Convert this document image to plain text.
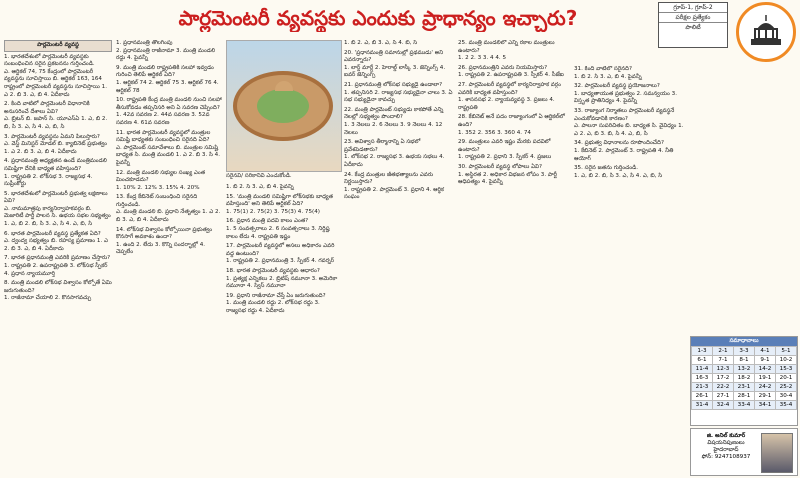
పార్లమెంటరీ వ్యవస్థకు ఎందుకు ప్రాధాన్యం ఇచ్చారు?	గ్రూప్-1, గ్రూప్-2
పరీక్షల ప్రత్యేకం
పాలిటీ
పార్లమెంటరీ వ్యవస్థ
1. భారతదేశంలో పార్లమెంటరీ వ్యవస్థకు సంబంధించిన సరైన ప్రకటనను గుర్తించండి.
ఎ. ఆర్టికల్ 74, 75 కేంద్రంలో పార్లమెంటరీ వ్యవస్థను సూచిస్తాయి బి. ఆర్టికల్ 163, 164 రాష్ట్రంలో పార్లమెంటరీ వ్యవస్థను సూచిస్తాయి 1. ఎ 2. బి 3. ఎ, బి 4. ఏదీకాదు
2. కింది వాటిలో పార్లమెంటరీ విధానానికి అనుసరించే దేశాలు ఏవి?
ఎ. బ్రిటన్ బి. జపాన్ సి. యూఎస్ఏ 1. ఎ, బి 2. బి, సి 3. ఎ, సి 4. ఎ, బి, సి
3. పార్లమెంటరీ వ్యవస్థను ఏమని పిలుస్తారు?
ఎ. వెస్ట్ మినిస్టర్ మోడల్ బి. క్యాబినెట్ ప్రభుత్వం 1. ఎ 2. బి 3. ఎ, బి 4. ఏదీకాదు
4. ప్రధానమంత్రి అధ్యక్షతన ఉండే మంత్రిమండలి సమిష్టిగా దేనికి బాధ్యత వహిస్తుంది?
1. రాష్ట్రపతి 2. లోక్‌సభ 3. రాజ్యసభ 4. సుప్రీంకోర్టు
5. భారతదేశంలో పార్లమెంటరీ ప్రభుత్వ లక్షణాలు ఏవి?
ఎ. నామమాత్రపు కార్యనిర్వాహకవర్గం బి. మెజారిటీ పార్టీ పాలన సి. ఉభయ సభల సభ్యత్వం 1. ఎ, బి 2. బి, సి 3. ఎ, సి 4. ఎ, బి, సి
6. భారత పార్లమెంటరీ వ్యవస్థ ప్రత్యేకత ఏది?
ఎ. ద్వంద్వ సభ్యత్వం బి. రహస్య ప్రమాణం 1. ఎ 2. బి 3. ఎ, బి 4. ఏదీకాదు
7. భారత ప్రధానమంత్రి ఎవరికి ప్రమాణం చేస్తారు?
1. రాష్ట్రపతి 2. ఉపరాష్ట్రపతి 3. లోక్‌సభ స్పీకర్ 4. ప్రధాన న్యాయమూర్తి
8. మంత్రి మండలి లోక్‌సభ విశ్వాసం కోల్పోతే ఏమి జరుగుతుంది?
1. రాజీనామా చేయాలి 2. కొనసాగవచ్చు
1. ప్రధానమంత్రి తొలగింపు
2. ప్రధానమంత్రి రాజీనామా 3. మంత్రి మండలి రద్దు 4. పైవన్నీ
9. మంత్రి మండలి రాష్ట్రపతికి సలహా ఇవ్వడం గురించి తెలిపే ఆర్టికల్ ఏది?
1. ఆర్టికల్ 74 2. ఆర్టికల్ 75 3. ఆర్టికల్ 76 4. ఆర్టికల్ 78
10. రాష్ట్రపతి కేంద్ర మంత్రి మండలి నుంచి సలహా తీసుకోవడం తప్పనిసరి అని ఏ సవరణ చెప్పింది?
1. 42వ సవరణ 2. 44వ సవరణ 3. 52వ సవరణ 4. 61వ సవరణ
11. భారత పార్లమెంటరీ వ్యవస్థలో మంత్రుల సమిష్టి బాధ్యతకు సంబంధించి సరైనది ఏది?
ఎ. పార్లమెంట్ సమావేశాలు బి. మంత్రుల సమిష్టి బాధ్యత సి. మంత్రి మండలి 1. ఎ 2. బి 3. సి 4. పైవన్నీ
12. మంత్రి మండలి సభ్యుల సంఖ్య ఎంత మించకూడదు?
1. 10% 2. 12% 3. 15% 4. 20%
13. కేంద్ర కేబినెట్ సంబంధించి సరైనది గుర్తించండి.
ఎ. మంత్రి మండలి బి. ప్రధాని నేతృత్వం 1. ఎ 2. బి 3. ఎ, బి 4. ఏదీకాదు
14. లోక్‌సభ విశ్వాసం కోల్పోయినా ప్రభుత్వం కొనసాగే అవకాశం ఉందా?
1. ఉంది 2. లేదు 3. కొన్ని సందర్భాల్లో 4. చెప్పలేం
సరైనవి/ సరికానివి ఎంచుకోండి.
1. బి 2. సి 3. ఎ, బి 4. పైవన్నీ
15. 'మంత్రి మండలి సమిష్టిగా లోక్‌సభకు బాధ్యత వహిస్తుంది' అని తెలిపే ఆర్టికల్ ఏది?
1. 75(1) 2. 75(2) 3. 75(3) 4. 75(4)
16. ప్రధాన మంత్రి పదవి కాలం ఎంత?
1. 5 సంవత్సరాలు 2. 6 సంవత్సరాలు 3. నిర్దిష్ట కాలం లేదు 4. రాష్ట్రపతి ఇష్టం
17. పార్లమెంటరీ వ్యవస్థలో అసలు అధికారం ఎవరి వద్ద ఉంటుంది?
1. రాష్ట్రపతి 2. ప్రధానమంత్రి 3. స్పీకర్ 4. గవర్నర్
18. భారత పార్లమెంటరీ వ్యవస్థకు ఆధారం?
1. ప్రత్యక్ష ఎన్నికలు 2. బ్రిటిష్ నమూనా 3. అమెరికా నమూనా 4. స్విస్ నమూనా
19. ప్రధాని రాజీనామా చేస్తే ఏం జరుగుతుంది?
1. మంత్రి మండలి రద్దు 2. లోక్‌సభ రద్దు 3. రాజ్యసభ రద్దు 4. ఏదీకాదు
1. బి 2. ఎ, బి 3. ఎ, సి 4. బి, సి
20. 'ప్రధానమంత్రి సమానుల్లో ప్రథముడు' అని ఎవరన్నారు?
1. లార్డ్ మార్లే 2. హెరాల్డ్ లాస్కీ 3. జెన్నింగ్స్ 4. ఐవర్ జెన్నింగ్స్
21. ప్రధానమంత్రి లోక్‌సభ సభ్యుడై ఉండాలా?
1. తప్పనిసరి 2. రాజ్యసభ సభ్యుడైనా చాలు 3. ఏ సభ సభ్యుడైనా కావచ్చు
22. మంత్రి పార్లమెంట్ సభ్యుడు కాకపోతే ఎన్ని నెలల్లో సభ్యత్వం పొందాలి?
1. 3 నెలలు 2. 6 నెలలు 3. 9 నెలలు 4. 12 నెలలు
23. అవిశ్వాస తీర్మానాన్ని ఏ సభలో ప్రవేశపెడతారు?
1. లోక్‌సభ 2. రాజ్యసభ 3. ఉభయ సభలు 4. ఏదీకాదు
24. కేంద్ర మంత్రుల జీతభత్యాలను ఎవరు నిర్ణయిస్తారు?
1. రాష్ట్రపతి 2. పార్లమెంట్ 3. ప్రధాని 4. ఆర్థిక సంఘం
25. మంత్రి మండలిలో ఎన్ని రకాల మంత్రులు ఉంటారు?
1. 2 2. 3 3. 4 4. 5
26. ప్రధానమంత్రిని ఎవరు నియమిస్తారు?
1. రాష్ట్రపతి 2. ఉపరాష్ట్రపతి 3. స్పీకర్ 4. సీజేఐ
27. పార్లమెంటరీ వ్యవస్థలో కార్యనిర్వాహక వర్గం ఎవరికి బాధ్యత వహిస్తుంది?
1. శాసనసభ 2. న్యాయవ్యవస్థ 3. ప్రజలు 4. రాష్ట్రపతి
28. కేబినెట్ అనే పదం రాజ్యాంగంలో ఏ ఆర్టికల్‌లో ఉంది?
1. 352 2. 356 3. 360 4. 74
29. మంత్రులు ఎవరి ఇష్టం మేరకు పదవిలో ఉంటారు?
1. రాష్ట్రపతి 2. ప్రధాని 3. స్పీకర్ 4. ప్రజలు
30. పార్లమెంటరీ వ్యవస్థ లోపాలు ఏవి?
1. అస్థిరత 2. అధికార విభజన లోపం 3. పార్టీ ఆధిపత్యం 4. పైవన్నీ
31. కింది వాటిలో సరైనది?
1. బి 2. సి 3. ఎ, బి 4. పైవన్నీ
32. పార్లమెంటరీ వ్యవస్థ ప్రయోజనాలు?
1. బాధ్యతాయుత ప్రభుత్వం 2. సమన్వయం 3. విస్తృత ప్రాతినిధ్యం 4. పైవన్నీ
33. రాజ్యాంగ నిర్మాతలు పార్లమెంటరీ వ్యవస్థనే ఎంచుకోవడానికి కారణం?
ఎ. పాలనా సుపరిచితం బి. బాధ్యత సి. వైవిధ్యం 1. ఎ 2. ఎ, బి 3. బి, సి 4. ఎ, బి, సి
34. ప్రభుత్వ విధానాలను రూపొందించేది?
1. కేబినెట్ 2. పార్లమెంట్ 3. రాష్ట్రపతి 4. నీతి ఆయోగ్
35. సరైన జతను గుర్తించండి.
1. ఎ, బి 2. బి, సి 3. ఎ, సి 4. ఎ, బి, సి
సమాధానాలు
1-3	2-1	3-3	4-1	5-1
6-1	7-1	8-1	9-1	10-2
11-4	12-3	13-2	14-2	15-3
16-3	17-2	18-2	19-1	20-1
21-3	22-2	23-1	24-2	25-2
26-1	27-1	28-1	29-1	30-4
31-4	32-4	33-4	34-1	35-4
జి. అనిల్ కుమార్
విషయనిపుణులు
హైదరాబాద్
ఫోన్: 9247108937
